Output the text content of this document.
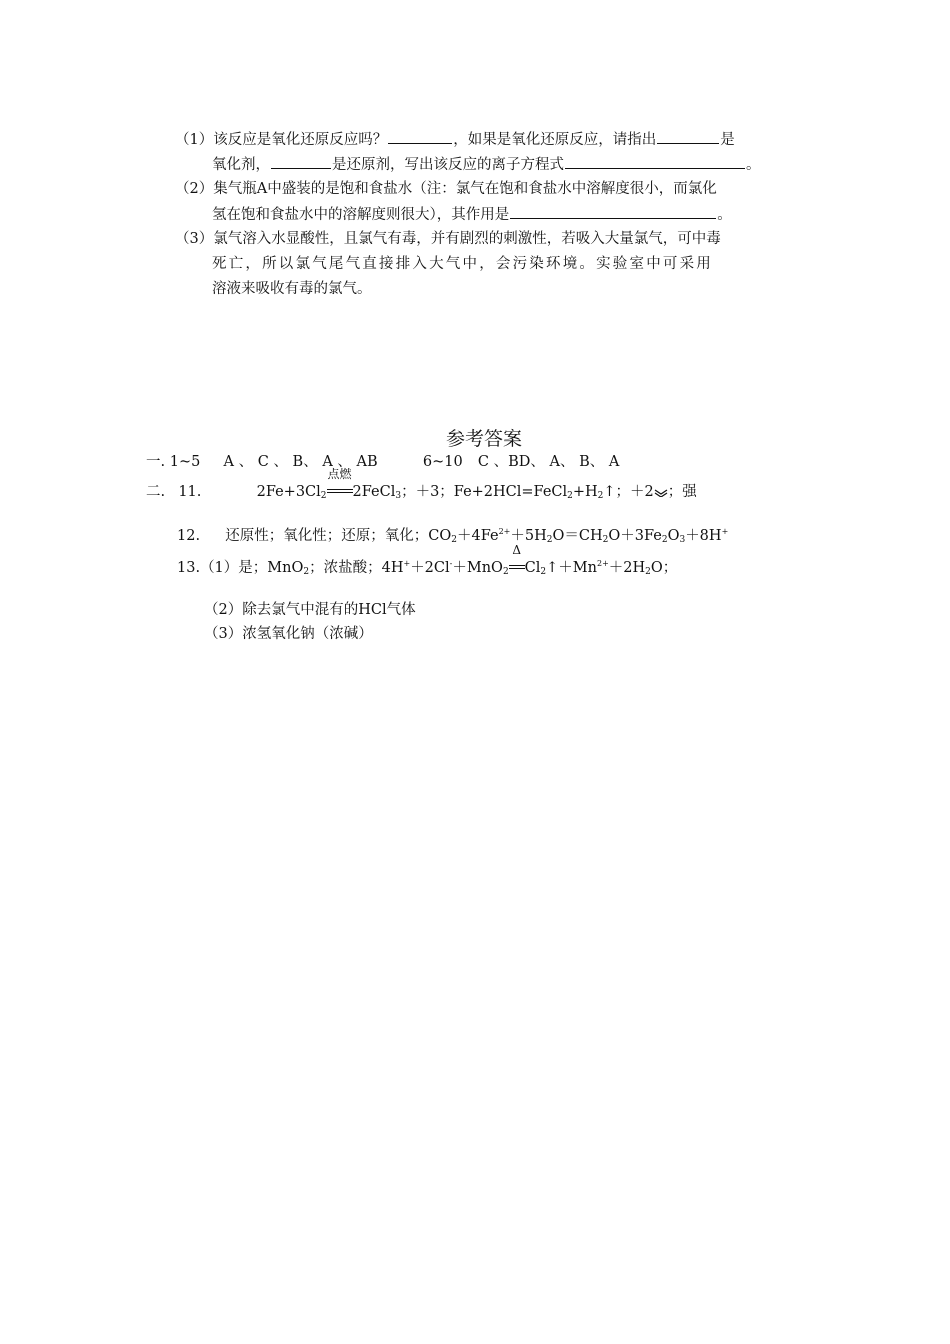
（1）该反应是氧化还原反应吗？	，如果是氧化还原反应，请指出	是
氧化剂，	是还原剂，写出该反应的离子方程式	。
（2）集气瓶A中盛装的是饱和食盐水（注：氯气在饱和食盐水中溶解度很小，而氯化
氢在饱和食盐水中的溶解度则很大），其作用是	。
（3）氯气溶入水显酸性，且氯气有毒，并有剧烈的刺激性，若吸入大量氯气，可中毒
死亡，所以氯气尾气直接排入大气中，会污染环境。实验室中可采用
溶液来吸收有毒的氯气。
参考答案
一. 1~5 A 、 C 、 B、 A 、 AB	6~10 C 、BD、 A、 B、 A
二. 11.	$2Fe+3Cl_2$
点燃
2FeCl$_3$；＋3；$Fe+2HCl=FeCl_2+H_2↑$；＋2 ；强
12. 还原性；氧化性；还原；氧化；$CO_2+4Fe^{2+}+5H_2O=CH_2O+3Fe_2O_3+8H^+$
13.（1）是；MnO$_2$；浓盐酸；4H+＋2Cl-＋MnO$_2$
Δ
$Cl_2↑+Mn^{2+}+2H_2O$；
（2）除去氯气中混有的HCl气体
（3）浓氢氧化钠（浓碱）
